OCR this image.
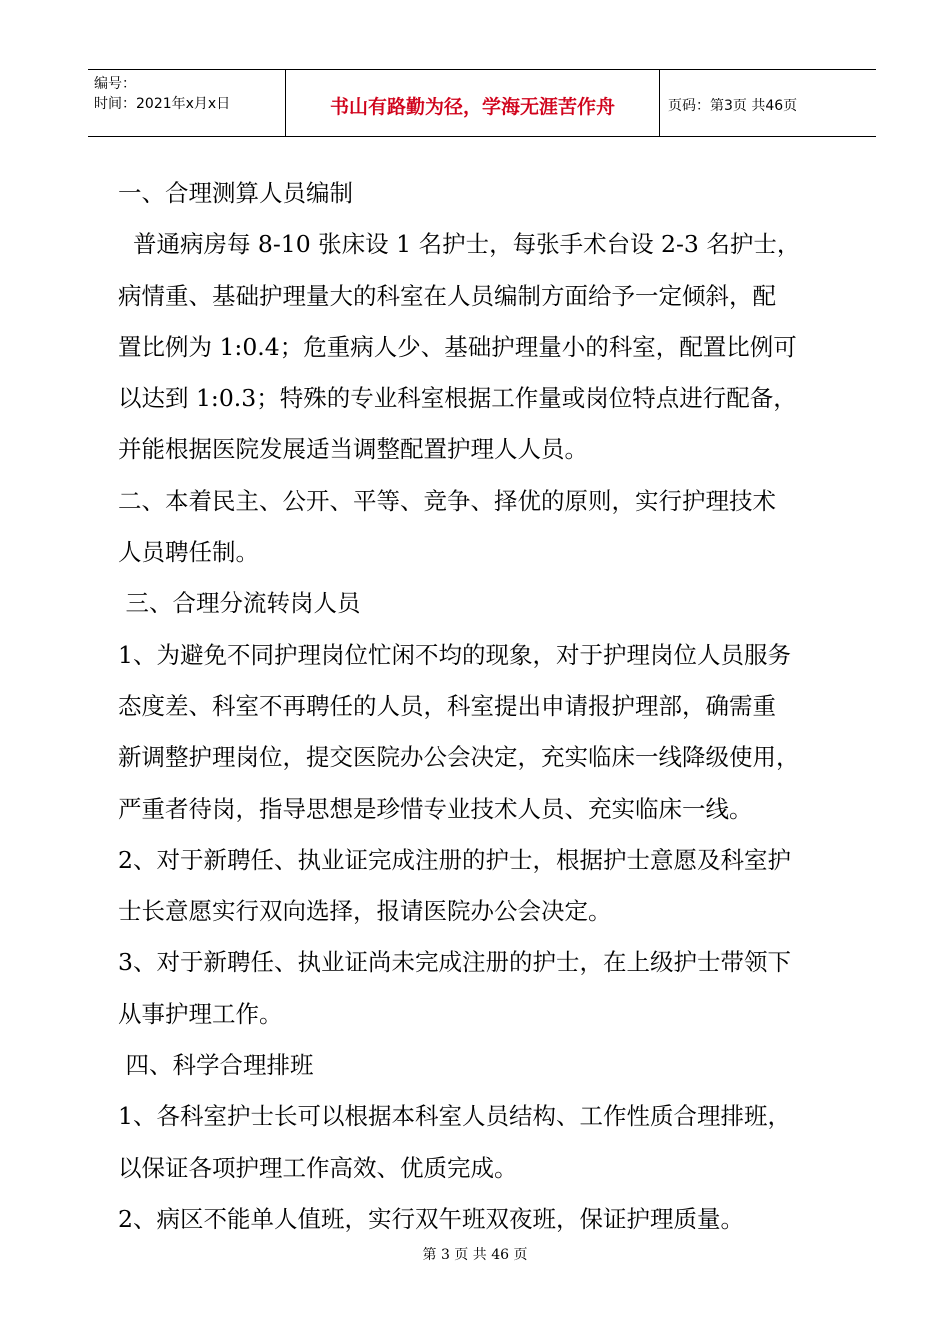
编号：
时间：2021年x月x日	书山有路勤为径，学海无涯苦作舟	页码：第3页 共46页

一、合理测算人员编制

普通病房每 8-10 张床设 1 名护士，每张手术台设 2-3 名护士，

病情重、基础护理量大的科室在人员编制方面给予一定倾斜，配

置比例为 1:0.4；危重病人少、基础护理量小的科室，配置比例可

以达到 1:0.3；特殊的专业科室根据工作量或岗位特点进行配备，

并能根据医院发展适当调整配置护理人人员。

二、本着民主、公开、平等、竞争、择优的原则，实行护理技术

人员聘任制。

三、合理分流转岗人员

1、为避免不同护理岗位忙闲不均的现象，对于护理岗位人员服务

态度差、科室不再聘任的人员，科室提出申请报护理部，确需重

新调整护理岗位，提交医院办公会决定，充实临床一线降级使用，

严重者待岗，指导思想是珍惜专业技术人员、充实临床一线。

2、对于新聘任、执业证完成注册的护士，根据护士意愿及科室护

士长意愿实行双向选择，报请医院办公会决定。

3、对于新聘任、执业证尚未完成注册的护士，在上级护士带领下

从事护理工作。

四、科学合理排班

1、各科室护士长可以根据本科室人员结构、工作性质合理排班，

以保证各项护理工作高效、优质完成。

2、病区不能单人值班，实行双午班双夜班，保证护理质量。

第 3 页 共 46 页
